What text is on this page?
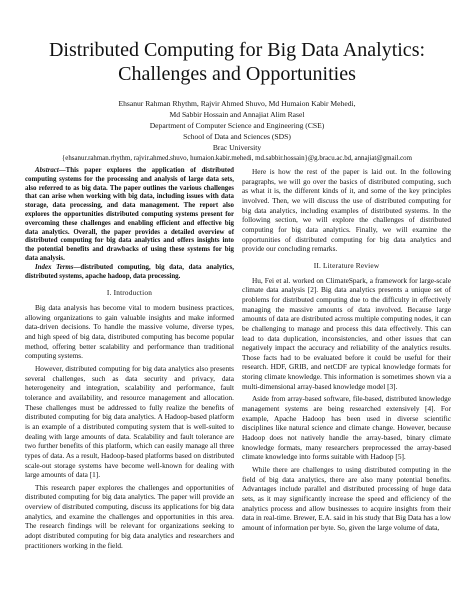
Distributed Computing for Big Data Analytics:
Challenges and Opportunities
Ehsanur Rahman Rhythm, Rajvir Ahmed Shuvo, Md Humaion Kabir Mehedi,
Md Sabbir Hossain and Annajiat Alim Rasel
Department of Computer Science and Engineering (CSE)
School of Data and Sciences (SDS)
Brac University
{ehsanur.rahman.rhythm, rajvir.ahmed.shuvo, humaion.kabir.mehedi, md.sabbir.hossain}@g.bracu.ac.bd, annajiat@gmail.com

Abstract—This paper explores the application of distributed computing systems for the processing and analysis of large data sets, also referred to as big data. The paper outlines the various challenges that can arise when working with big data, including issues with data storage, data processing, and data management. The report also explores the opportunities distributed computing systems present for overcoming these challenges and enabling efficient and effective big data analytics. Overall, the paper provides a detailed overview of distributed computing for big data analytics and offers insights into the potential benefits and drawbacks of using these systems for big data analysis.

Index Terms—distributed computing, big data, data analytics, distributed systems, apache hadoop, data processing.

I. Introduction

Big data analysis has become vital to modern business practices, allowing organizations to gain valuable insights and make informed data-driven decisions. To handle the massive volume, diverse types, and high speed of big data, distributed computing has become popular method, offering better scalability and performance than traditional computing systems.

However, distributed computing for big data analytics also presents several challenges, such as data security and privacy, data heterogeneity and integration, scalability and performance, fault tolerance and availability, and resource management and allocation. These challenges must be addressed to fully realize the benefits of distributed computing for big data analytics. A Hadoop-based platform is an example of a distributed computing system that is well-suited to dealing with large amounts of data. Scalability and fault tolerance are two further benefits of this platform, which can easily manage all three types of data. As a result, Hadoop-based platforms based on distributed scale-out storage systems have become well-known for dealing with large amounts of data [1].

This research paper explores the challenges and opportunities of distributed computing for big data analytics. The paper will provide an overview of distributed computing, discuss its applications for big data analytics, and examine the challenges and opportunities in this area. The research findings will be relevant for organizations seeking to adopt distributed computing for big data analytics and researchers and practitioners working in the field.

Here is how the rest of the paper is laid out. In the following paragraphs, we will go over the basics of distributed computing, such as what it is, the different kinds of it, and some of the key principles involved. Then, we will discuss the use of distributed computing for big data analytics, including examples of distributed systems. In the following section, we will explore the challenges of distributed computing for big data analytics. Finally, we will examine the opportunities of distributed computing for big data analytics and provide our concluding remarks.

II. Literature Review

Hu, Fei et al. worked on ClimateSpark, a framework for large-scale climate data analysis [2]. Big data analytics presents a unique set of problems for distributed computing due to the difficulty in effectively managing the massive amounts of data involved. Because large amounts of data are distributed across multiple computing nodes, it can be challenging to manage and process this data effectively. This can lead to data duplication, inconsistencies, and other issues that can negatively impact the accuracy and reliability of the analytics results. Those facts had to be evaluated before it could be useful for their research. HDF, GRIB, and netCDF are typical knowledge formats for storing climate knowledge. This information is sometimes shown via a multi-dimensional array-based knowledge model [3].

Aside from array-based software, file-based, distributed knowledge management systems are being researched extensively [4]. For example, Apache Hadoop has been used in diverse scientific disciplines like natural science and climate change. However, because Hadoop does not natively handle the array-based, binary climate knowledge formats, many researchers preprocessed the array-based climate knowledge into forms suitable with Hadoop [5].

While there are challenges to using distributed computing in the field of big data analytics, there are also many potential benefits. Advantages include parallel and distributed processing of huge data sets, as it may significantly increase the speed and efficiency of the analytics process and allow businesses to acquire insights from their data in real-time. Brewer, E.A. said in his study that Big Data has a low amount of information per byte. So, given the large volume of data,
